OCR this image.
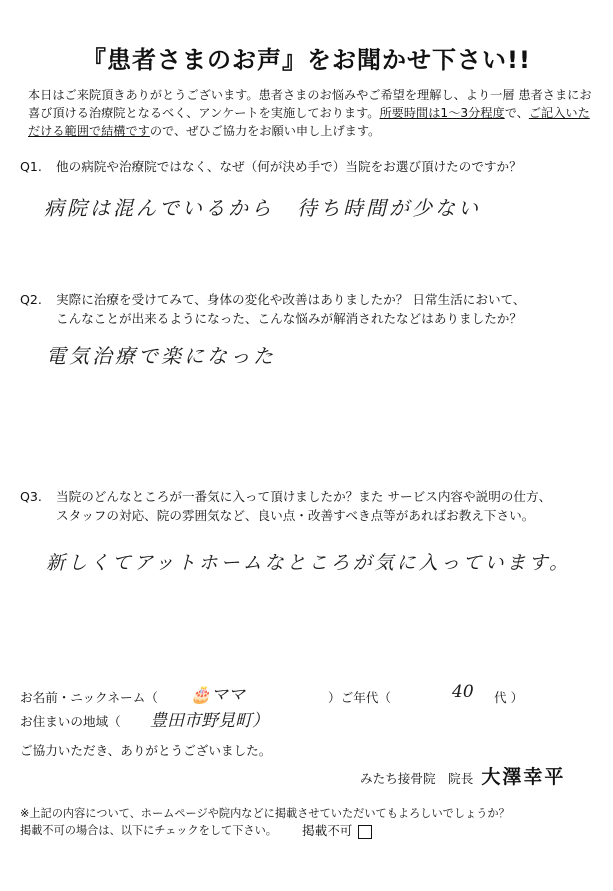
『患者さまのお声』をお聞かせ下さい!!
本日はご来院頂きありがとうございます。患者さまのお悩みやご希望を理解し、より一層 患者さまにお喜び頂ける治療院となるべく、アンケートを実施しております。所要時間は1〜3分程度で、ご記入いただける範囲で結構ですので、ぜひご協力をお願い申し上げます。
Q1. 他の病院や治療院ではなく、なぜ（何が決め手で）当院をお選び頂けたのですか？
病院は混んでいるから　待ち時間が少ない
Q2. 実際に治療を受けてみて、身体の変化や改善はありましたか？ 日常生活において、
こんなことが出来るようになった、こんな悩みが解消されたなどはありましたか？
電気治療で楽になった
Q3. 当院のどんなところが一番気に入って頂けましたか？また サービス内容や説明の仕方、
スタッフの対応、院の雰囲気など、良い点・改善すべき点等があればお教え下さい。
新しくてアットホームなところが気に入っています。
お名前・ニックネーム（ 🎂ママ	）ご年代（	40 代 ）
お住まいの地域（ 豊田市野見町）
ご協力いただき、ありがとうございました。
みたち接骨院　院長 大澤幸平
※上記の内容について、ホームページや院内などに掲載させていただいてもよろしいでしょうか？
掲載不可の場合は、以下にチェックをして下さい。 掲載不可
